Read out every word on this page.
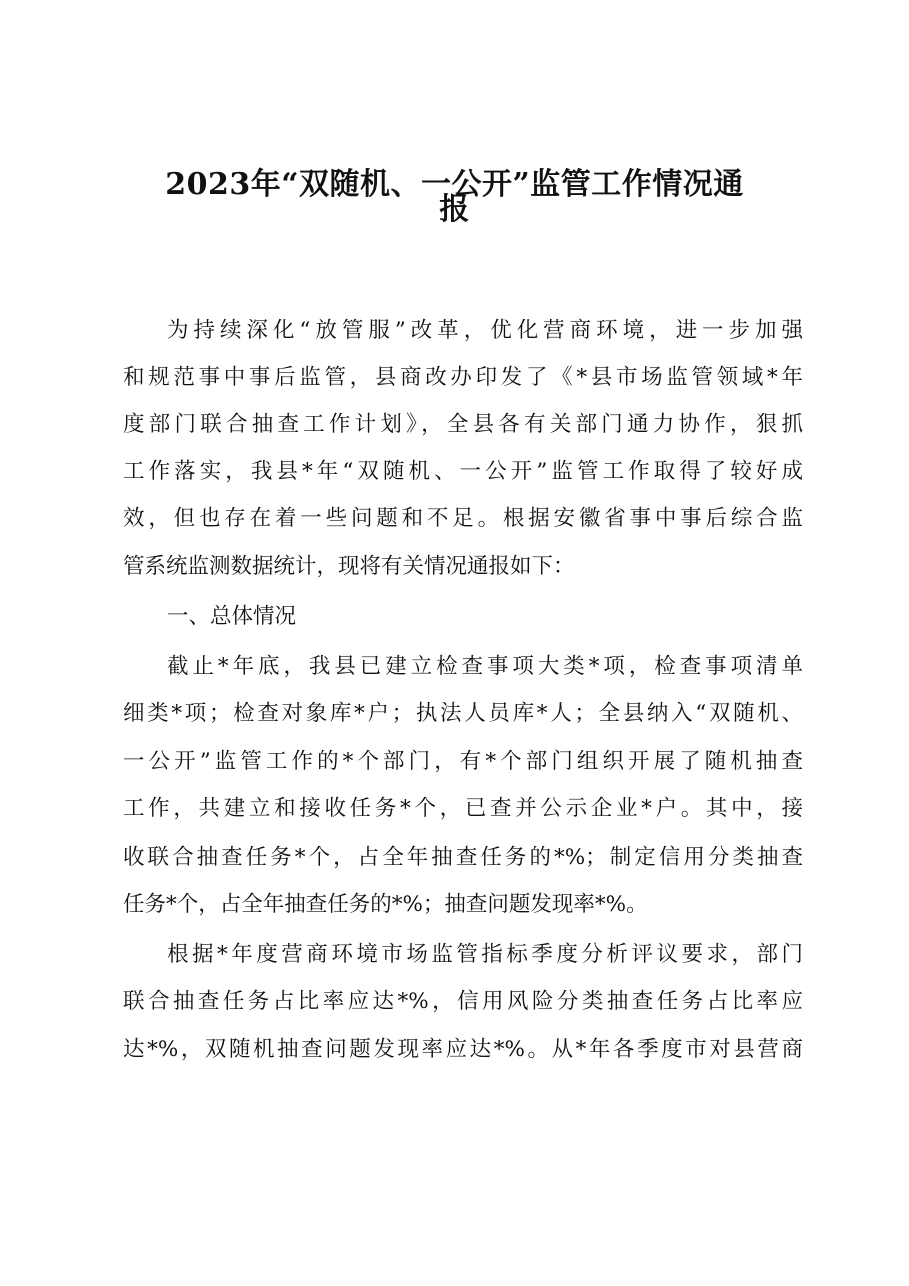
2023年“双随机、一公开”监管工作情况通
报
为持续深化“放管服”改革，优化营商环境，进一步加强
和规范事中事后监管，县商改办印发了《*县市场监管领域*年
度部门联合抽查工作计划》，全县各有关部门通力协作，狠抓
工作落实，我县*年“双随机、一公开”监管工作取得了较好成
效，但也存在着一些问题和不足。根据安徽省事中事后综合监
管系统监测数据统计，现将有关情况通报如下：
一、总体情况
截止*年底，我县已建立检查事项大类*项，检查事项清单
细类*项；检查对象库*户；执法人员库*人；全县纳入“双随机、
一公开”监管工作的*个部门，有*个部门组织开展了随机抽查
工作，共建立和接收任务*个，已查并公示企业*户。其中，接
收联合抽查任务*个，占全年抽查任务的*%；制定信用分类抽查
任务*个，占全年抽查任务的*%；抽查问题发现率*%。
根据*年度营商环境市场监管指标季度分析评议要求，部门
联合抽查任务占比率应达*%，信用风险分类抽查任务占比率应
达*%，双随机抽查问题发现率应达*%。从*年各季度市对县营商
